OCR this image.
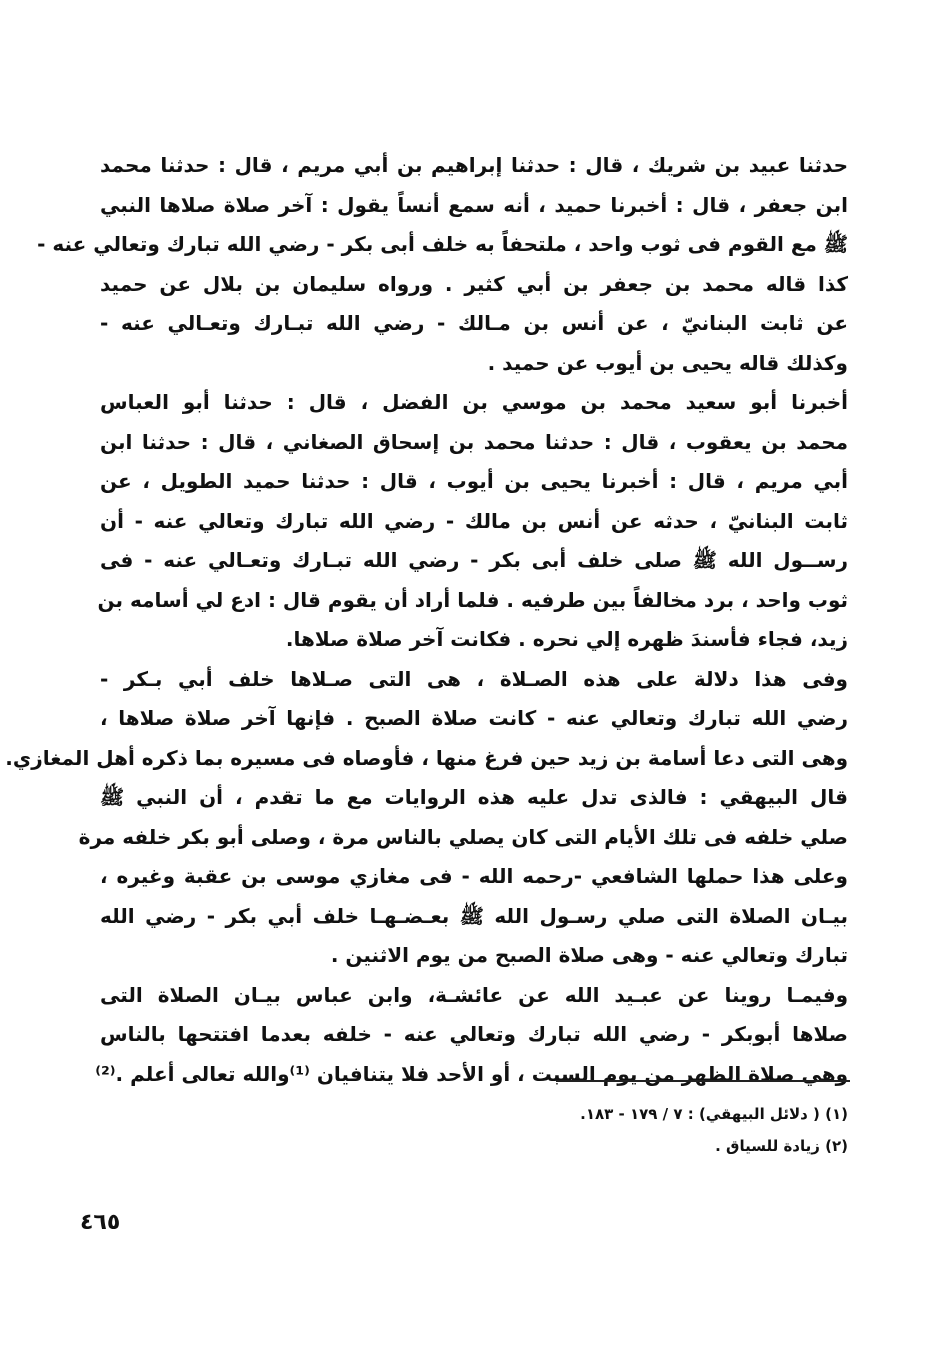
حدثنا عبيد بن شريك ، قال : حدثنا إبراهيم بن أبي مريم ، قال : حدثنا محمد
ابن جعفر ، قال : أخبرنا حميد ، أنه سمع أنساً يقول : آخر صلاة صلاها النبي
ﷺ مع القوم فى ثوب واحد ، ملتحفاً به خلف أبى بكر - رضي الله تبارك وتعالي عنه -
كذا قاله محمد بن جعفر بن أبي كثير . ورواه سليمان بن بلال عن حميد
عن ثابت البنانيّ ، عن أنس بن مـالك - رضي الله تبـارك وتعـالي عنه -
وكذلك قاله يحيى بن أيوب عن حميد .
أخبرنا أبو سعيد محمد بن موسي بن الفضل ، قال : حدثنا أبو العباس
محمد بن يعقوب ، قال : حدثنا محمد بن إسحاق الصغاني ، قال : حدثنا ابن
أبي مريم ، قال : أخبرنا يحيى بن أيوب ، قال : حدثنا حميد الطويل ، عن
ثابت البنانيّ ، حدثه عن أنس بن مالك - رضي الله تبارك وتعالي عنه - أن
رســول الله ﷺ صلى خلف أبى بكر - رضي الله تبـارك وتعـالي عنه - فى
ثوب واحد ، برد مخالفاً بين طرفيه . فلما أراد أن يقوم قال : ادع لي أسامه بن
زيد، فجاء فأسندَ ظهره إلي نحره . فكانت آخر صلاة صلاها.
وفى هذا دلالة على هذه الصـلاة ، هى التى صـلاها خلف أبي بـكر -
رضي الله تبارك وتعالي عنه - كانت صلاة الصبح . فإنها آخر صلاة صلاها ،
وهى التى دعا أسامة بن زيد حين فرغ منها ، فأوصاه فى مسيره بما ذكره أهل المغازي.
قال البيهقي : فالذى تدل عليه هذه الروايات مع ما تقدم ، أن النبي ﷺ
صلي خلفه فى تلك الأيام التى كان يصلي بالناس مرة ، وصلى أبو بكر خلفه مرة
وعلى هذا حملها الشافعي -رحمه الله - فى مغازي موسى بن عقبة وغيره ،
بيـان الصلاة التى صلي رسـول الله ﷺ بعـضـهـا خلف أبي بكر - رضي الله
تبارك وتعالي عنه - وهى صلاة الصبح من يوم الاثنين .
وفيمـا روينا عن عبـيد الله عن عائشـة، وابن عباس بيـان الصلاة التى
صلاها أبوبكر - رضي الله تبارك وتعالي عنه - خلفه بعدما افتتحها بالناس
وهي صلاة الظهر من يوم السبت ، أو الأحد فلا يتنافيان ⁽¹⁾والله تعالى أعلم .⁽²⁾
(١) ( دلائل البيهقي) : ٧ / ١٧٩ - ١٨٣.
(٢) زيادة للسياق .
٤٦٥
